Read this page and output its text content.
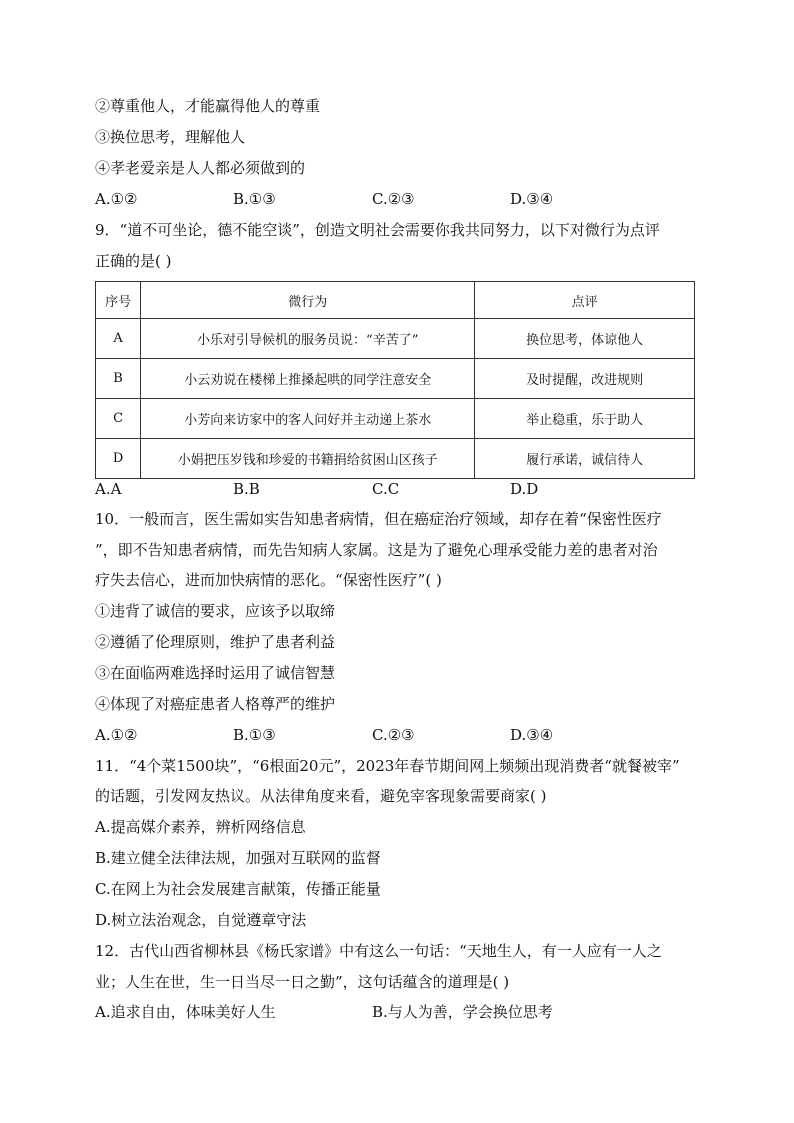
②尊重他人，才能赢得他人的尊重
③换位思考，理解他人
④孝老爱亲是人人都必须做到的
A.①②	B.①③	C.②③	D.③④
9．“道不可坐论，德不能空谈”，创造文明社会需要你我共同努力，以下对微行为点评
正确的是( )
序号	微行为	点评
A	小乐对引导候机的服务员说：“辛苦了”	换位思考，体谅他人
B	小云劝说在楼梯上推搡起哄的同学注意安全	及时提醒，改进规则
C	小芳向来访家中的客人问好并主动递上茶水	举止稳重，乐于助人
D	小娟把压岁钱和珍爱的书籍捐给贫困山区孩子	履行承诺，诚信待人
A.A	B.B	C.C	D.D
10．一般而言，医生需如实告知患者病情，但在癌症治疗领域，却存在着“保密性医疗
”，即不告知患者病情，而先告知病人家属。这是为了避免心理承受能力差的患者对治
疗失去信心，进而加快病情的恶化。“保密性医疗”( )
①违背了诚信的要求，应该予以取缔
②遵循了伦理原则，维护了患者利益
③在面临两难选择时运用了诚信智慧
④体现了对癌症患者人格尊严的维护
A.①②	B.①③	C.②③	D.③④
11．“4个菜1500块”，“6根面20元”，2023年春节期间网上频频出现消费者“就餐被宰”
的话题，引发网友热议。从法律角度来看，避免宰客现象需要商家( )
A.提高媒介素养，辨析网络信息
B.建立健全法律法规，加强对互联网的监督
C.在网上为社会发展建言献策，传播正能量
D.树立法治观念，自觉遵章守法
12．古代山西省柳林县《杨氏家谱》中有这么一句话：“天地生人，有一人应有一人之
业；人生在世，生一日当尽一日之勤”，这句话蕴含的道理是( )
A.追求自由，体味美好人生	B.与人为善，学会换位思考
